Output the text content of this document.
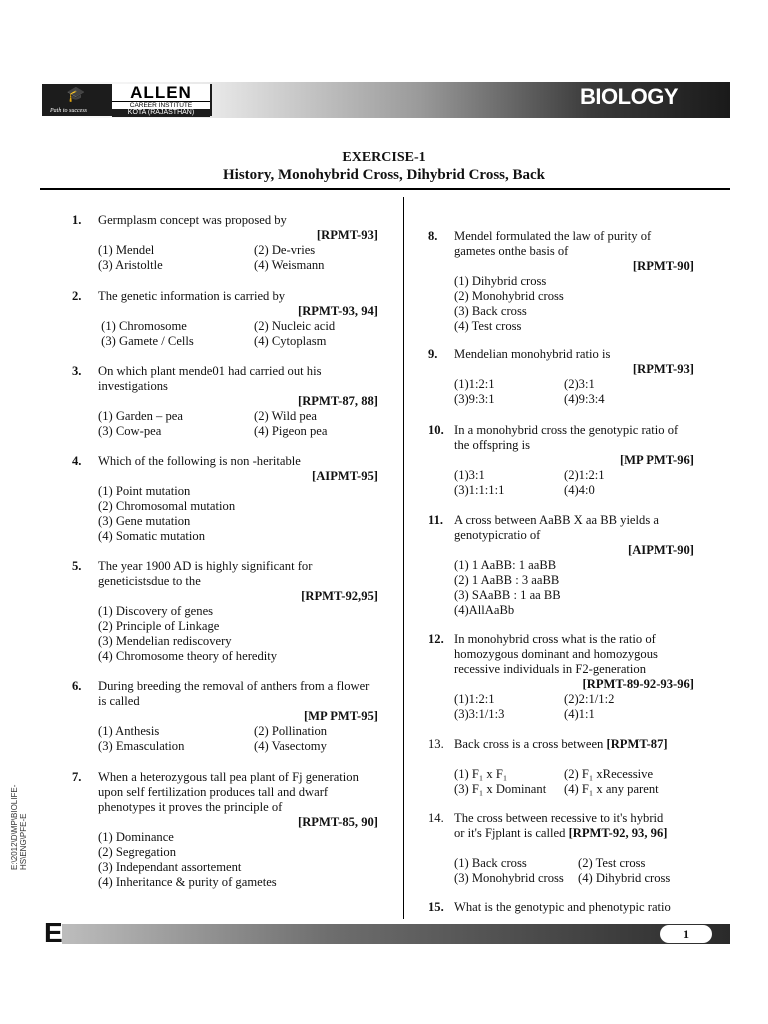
🎓
Path to success
ALLEN
CAREER INSTITUTE
KOTA (RAJASTHAN)
BIOLOGY
EXERCISE-1
History, Monohybrid Cross, Dihybrid Cross, Back
1. Germplasm concept was proposed by
[RPMT-93]
(1) Mendel	(2) De-vries
(3) Aristoltle	(4) Weismann
2. The genetic information is carried by
[RPMT-93, 94]
(1) Chromosome	(2) Nucleic acid
(3) Gamete / Cells	(4) Cytoplasm
3. On which plant mende01 had carried out his investigations
[RPMT-87, 88]
(1) Garden – pea	(2) Wild pea
(3) Cow-pea	(4) Pigeon pea
4. Which of the following is non -heritable
[AIPMT-95]
(1) Point mutation
(2) Chromosomal mutation
(3) Gene mutation
(4) Somatic mutation
5. The year 1900 AD is highly significant for geneticistsdue to the
[RPMT-92,95]
(1) Discovery of genes
(2) Principle of Linkage
(3) Mendelian rediscovery
(4) Chromosome theory of heredity
6. During breeding the removal of anthers from a flower is called
[MP PMT-95]
(1) Anthesis	(2) Pollination
(3) Emasculation	(4) Vasectomy
7. When a heterozygous tall pea plant of Fj generation upon self fertilization produces tall and dwarf phenotypes it proves the principle of
[RPMT-85, 90]
(1) Dominance
(2) Segregation
(3) Independant assortement
(4) Inheritance & purity of gametes
8. Mendel formulated the law of purity of gametes onthe basis of
[RPMT-90]
(1) Dihybrid cross
(2) Monohybrid cross
(3) Back cross
(4) Test cross
9. Mendelian monohybrid ratio is
[RPMT-93]
(1)1:2:1	(2)3:1
(3)9:3:1	(4)9:3:4
10. In a monohybrid cross the genotypic ratio of the offspring is
[MP PMT-96]
(1)3:1	(2)1:2:1
(3)1:1:1:1	(4)4:0
11. A cross between AaBB X aa BB yields a genotypicratio of
[AIPMT-90]
(1) 1 AaBB: 1 aaBB
(2) 1 AaBB : 3 aaBB
(3) SAaBB : 1 aa BB
(4)AllAaBb
12. In monohybrid cross what is the ratio of homozygous dominant and homozygous recessive individuals in F2-generation
[RPMT-89-92-93-96]
(1)1:2:1	(2)2:1/1:2
(3)3:1/1:3	(4)1:1
13. Back cross is a cross between [RPMT-87]
(1) F₁ x F₁	(2) F₁ xRecessive
(3) F₁ x Dominant	(4) F₁ x any parent
14. The cross between recessive to it's hybrid
or it's Fjplant is called [RPMT-92, 93, 96]
(1) Back cross	(2) Test cross
(3) Monohybrid cross	(4) Dihybrid cross
15. What is the genotypic and phenotypic ratio
E:\2012\D\MP\BIOLIFE-HS\ENG\PFE-E
E	1
